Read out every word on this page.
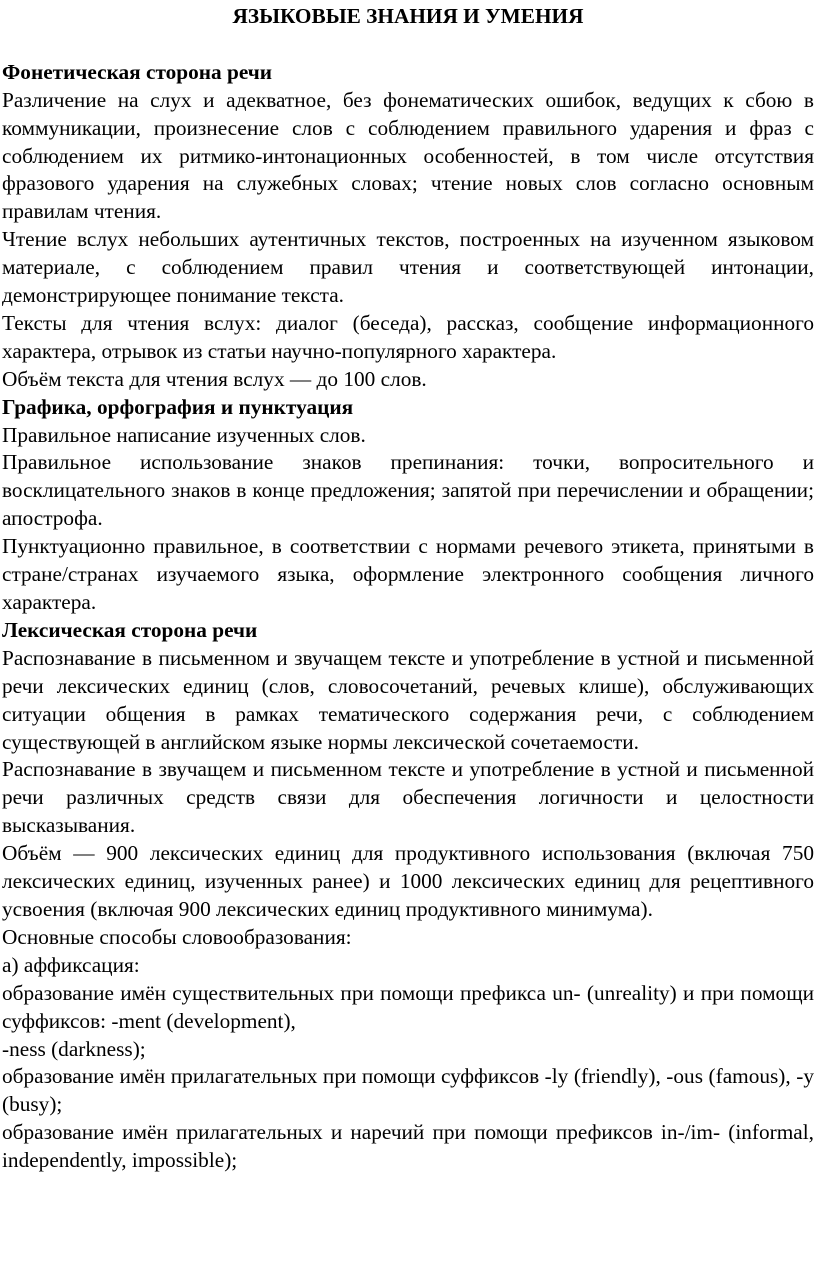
ЯЗЫКОВЫЕ ЗНАНИЯ И УМЕНИЯ

Фонетическая сторона речи

Различение на слух и адекватное, без фонематических ошибок, ведущих к сбою в коммуникации, произнесение слов с соблюдением правильного ударения и фраз с соблюдением их ритмико-интонационных особенностей, в том числе отсутствия фразового ударения на служебных словах; чтение новых слов согласно основным правилам чтения.

Чтение вслух небольших аутентичных текстов, построенных на изученном языковом материале, с соблюдением правил чтения и соответствующей интонации, демонстрирующее понимание текста.

Тексты для чтения вслух: диалог (беседа), рассказ, сообщение информационного характера, отрывок из статьи научно-популярного характера.

Объём текста для чтения вслух — до 100 слов.

Графика, орфография и пунктуация

Правильное написание изученных слов.

Правильное использование знаков препинания: точки, вопросительного и восклицательного знаков в конце предложения; запятой при перечислении и обращении; апострофа.

Пунктуационно правильное, в соответствии с нормами речевого этикета, принятыми в стране/странах изучаемого языка, оформление электронного сообщения личного характера.

Лексическая сторона речи

Распознавание в письменном и звучащем тексте и употребление в устной и письменной речи лексических единиц (слов, словосочетаний, речевых клише), обслуживающих ситуации общения в рамках тематического содержания речи, с соблюдением существующей в английском языке нормы лексической сочетаемости.

Распознавание в звучащем и письменном тексте и употребление в устной и письменной речи различных средств связи для обеспечения логичности и целостности высказывания.

Объём — 900 лексических единиц для продуктивного использования (включая 750 лексических единиц, изученных ранее) и 1000 лексических единиц для рецептивного усвоения (включая 900 лексических единиц продуктивного минимума).

Основные способы словообразования:

а) аффиксация:

образование имён существительных при помощи префикса un- (unreality) и при помощи суффиксов: -ment (development),

-ness (darkness);

образование имён прилагательных при помощи суффиксов -ly (friendly), -ous (famous), -y (busy);

образование имён прилагательных и наречий при помощи префиксов in-/im- (informal, independently, impossible);
